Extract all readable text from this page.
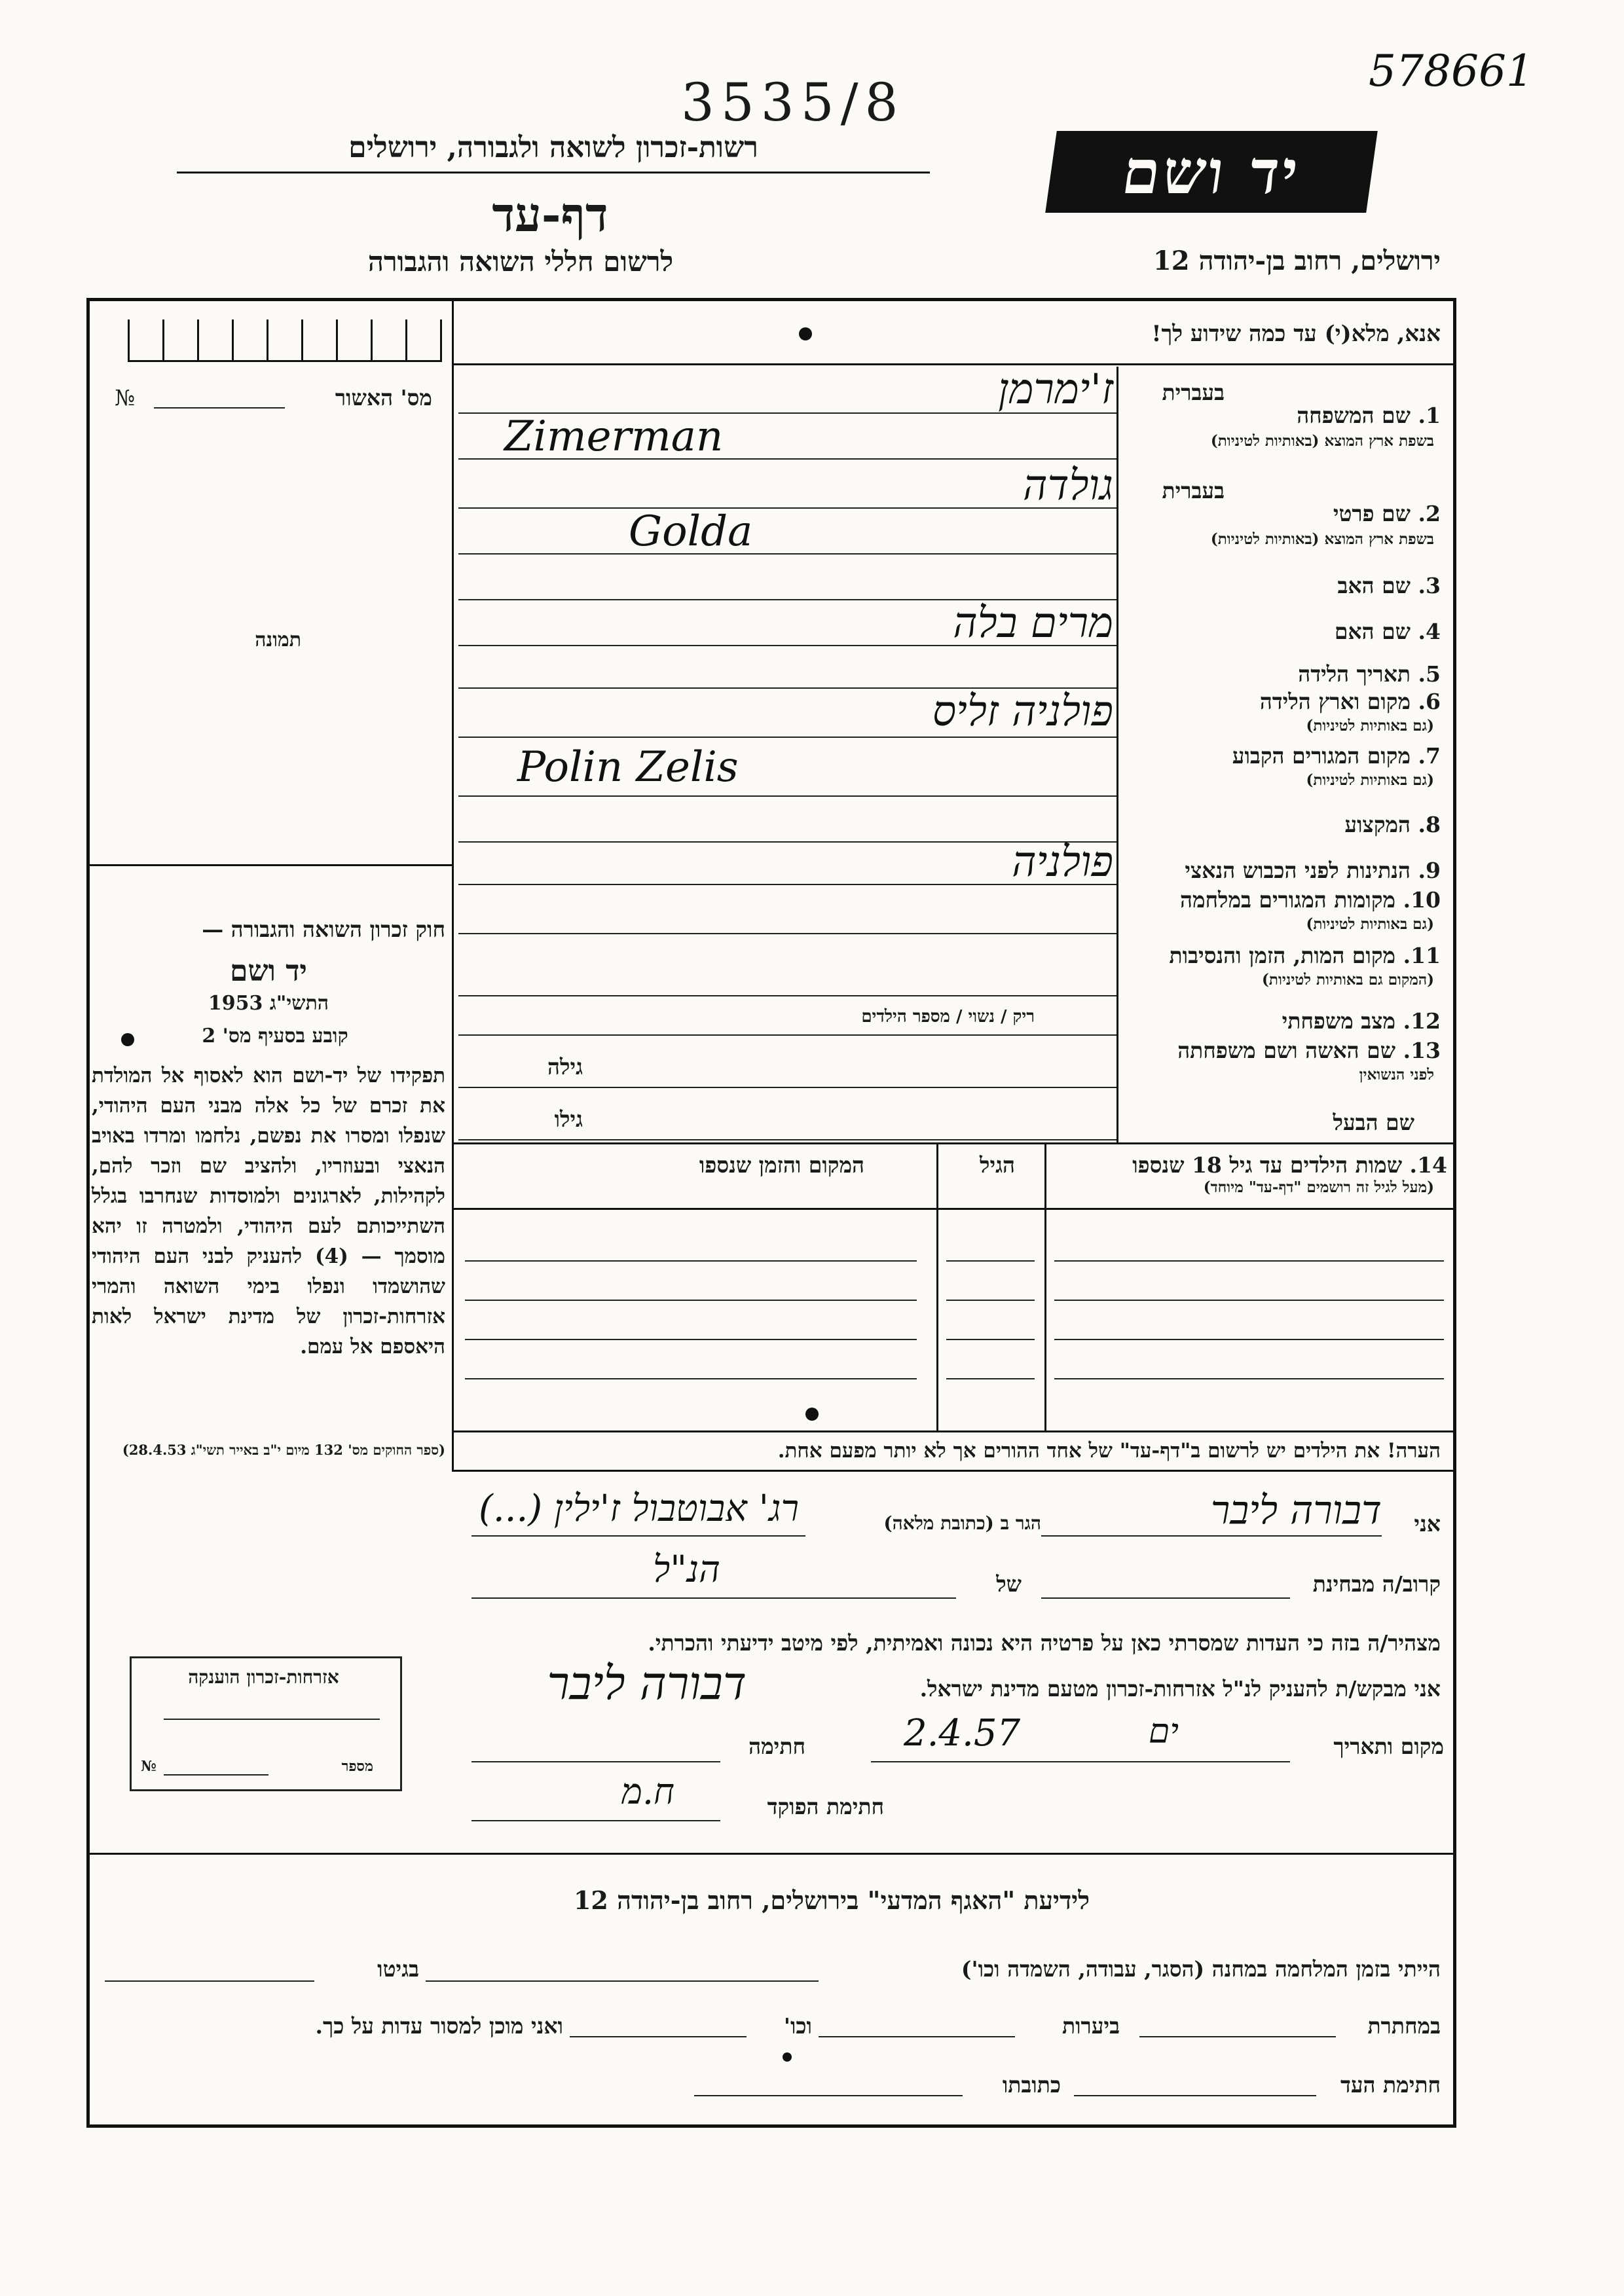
3535/8
578661
יד ושם
רשות-זכרון לשואה ולגבורה, ירושלים
דף-עד
לרשום חללי השואה והגבורה	ירושלים, רחוב בן-יהודה 12
מס' האשור
№
תמונה
אנא, מלא(י) עד כמה שידוע לך!
בעברית
1. שם המשפחה
בשפת ארץ המוצא (באותיות לטיניות)
בעברית
2. שם פרטי
בשפת ארץ המוצא (באותיות לטיניות)
3. שם האב
4. שם האם
5. תאריך הלידה
6. מקום וארץ הלידה
(גם באותיות לטיניות)
7. מקום המגורים הקבוע
(גם באותיות לטיניות)
8. המקצוע
9. הנתינות לפני הכבוש הנאצי
10. מקומות המגורים במלחמה
(גם באותיות לטיניות)
11. מקום המות, הזמן והנסיבות
(המקום גם באותיות לטיניות)
12. מצב משפחתי
13. שם האשה ושם משפחתה
לפני הנשואין
שם הבעל
ז'ימרמן
Zimerman
גולדה
Golda
מרים בלה
פולניה זליס
Polin Zelis
פולניה
ריק / נשוי / מספר הילדים
גילה
גילו
14. שמות הילדים עד גיל 18 שנספו
(מעל לגיל זה רושמים "דף-עד" מיוחד)
הגיל
המקום והזמן שנספו
הערה! את הילדים יש לרשום ב"דף-עד" של אחד ההורים אך לא יותר מפעם אחת.
חוק זכרון השואה והגבורה —
יד ושם
התשי"ג 1953
קובע בסעיף מס' 2
תפקידו של יד-ושם הוא לאסוף אל המולדת את זכרם של כל אלה מבני העם היהודי, שנפלו ומסרו את נפשם, נלחמו ומרדו באויב הנאצי ובעוזריו, ולהציב שם וזכר להם, לקהילות, לארגונים ולמוסדות שנחרבו בגלל השתייכותם לעם היהודי, ולמטרה זו יהא מוסמך — (4) להעניק לבני העם היהודי שהושמדו ונפלו בימי השואה והמרי אזרחות-זכרון של מדינת ישראל לאות היאספם אל עמם.
(ספר החוקים מס' 132 מיום י"ב באייר תשי"ג 28.4.53)
אני
דבורה ליבר
הגר ב (כתובת מלאה)
רג' אבוטבול ז'ילין (...)
קרוב/ה מבחינת
של
הנ"ל
מצהיר/ה בזה כי העדות שמסרתי כאן על פרטיה היא נכונה ואמיתית, לפי מיטב ידיעתי והכרתי.
אני מבקש/ת להעניק לנ"ל אזרחות-זכרון מטעם מדינת ישראל.
דבורה ליבר
מקום ותאריך
ים
2.4.57
חתימה
חתימת הפוקד
ח.מ
אזרחות-זכרון הוענקה
מספר
№
לידיעת "האגף המדעי" בירושלים, רחוב בן-יהודה 12
הייתי בזמן המלחמה במחנה (הסגר, עבודה, השמדה וכו')
בגיטו
במחתרת
ביערות
וכו'
ואני מוכן למסור עדות על כך.
חתימת העד
כתובתו
